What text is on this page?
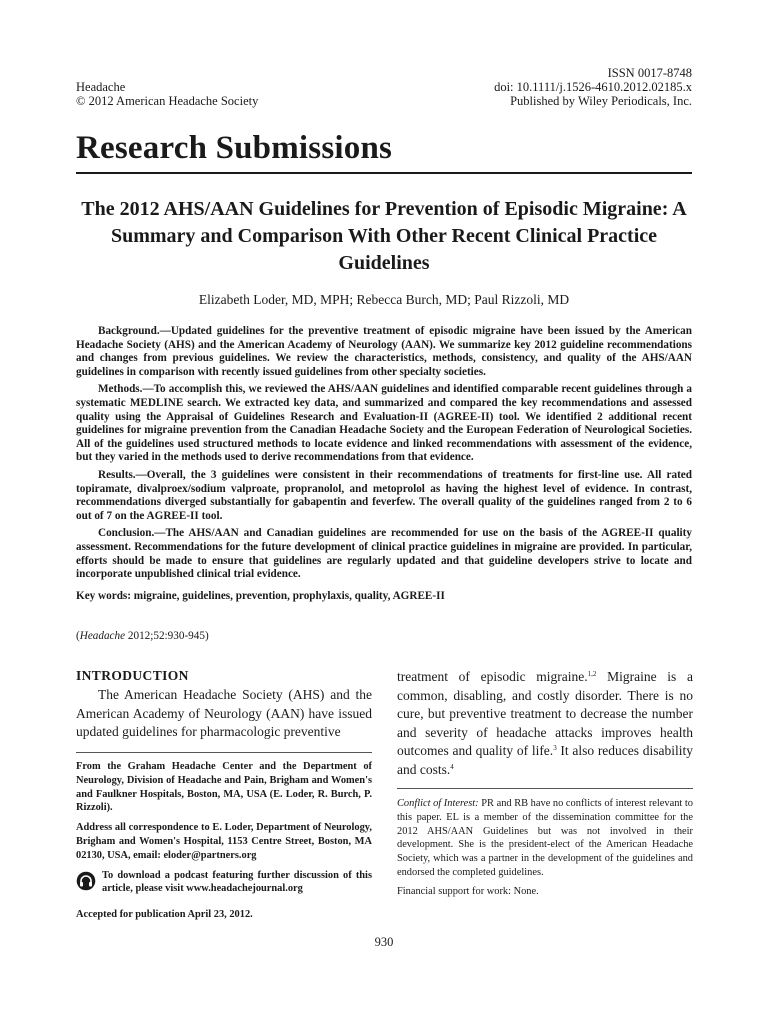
Headache
© 2012 American Headache Society
ISSN 0017-8748
doi: 10.1111/j.1526-4610.2012.02185.x
Published by Wiley Periodicals, Inc.
Research Submissions
The 2012 AHS/AAN Guidelines for Prevention of Episodic Migraine: A Summary and Comparison With Other Recent Clinical Practice Guidelines
Elizabeth Loder, MD, MPH; Rebecca Burch, MD; Paul Rizzoli, MD

Background.—Updated guidelines for the preventive treatment of episodic migraine have been issued by the American Headache Society (AHS) and the American Academy of Neurology (AAN). We summarize key 2012 guideline recommendations and changes from previous guidelines. We review the characteristics, methods, consistency, and quality of the AHS/AAN guidelines in comparison with recently issued guidelines from other specialty societies.

Methods.—To accomplish this, we reviewed the AHS/AAN guidelines and identified comparable recent guidelines through a systematic MEDLINE search. We extracted key data, and summarized and compared the key recommendations and assessed quality using the Appraisal of Guidelines Research and Evaluation-II (AGREE-II) tool. We identified 2 additional recent guidelines for migraine prevention from the Canadian Headache Society and the European Federation of Neurological Societies. All of the guidelines used structured methods to locate evidence and linked recommendations with assessment of the evidence, but they varied in the methods used to derive recommendations from that evidence.

Results.—Overall, the 3 guidelines were consistent in their recommendations of treatments for first-line use. All rated topiramate, divalproex/sodium valproate, propranolol, and metoprolol as having the highest level of evidence. In contrast, recommendations diverged substantially for gabapentin and feverfew. The overall quality of the guidelines ranged from 2 to 6 out of 7 on the AGREE-II tool.

Conclusion.—The AHS/AAN and Canadian guidelines are recommended for use on the basis of the AGREE-II quality assessment. Recommendations for the future development of clinical practice guidelines in migraine are provided. In particular, efforts should be made to ensure that guidelines are regularly updated and that guideline developers strive to locate and incorporate unpublished clinical trial evidence.

Key words: migraine, guidelines, prevention, prophylaxis, quality, AGREE-II

(Headache 2012;52:930-945)
INTRODUCTION

The American Headache Society (AHS) and the American Academy of Neurology (AAN) have issued updated guidelines for pharmacologic preventive

From the Graham Headache Center and the Department of Neurology, Division of Headache and Pain, Brigham and Women's and Faulkner Hospitals, Boston, MA, USA (E. Loder, R. Burch, P. Rizzoli).

Address all correspondence to E. Loder, Department of Neurology, Brigham and Women's Hospital, 1153 Centre Street, Boston, MA 02130, USA, email: eloder@partners.org

To download a podcast featuring further discussion of this article, please visit www.headachejournal.org

Accepted for publication April 23, 2012.

treatment of episodic migraine.$^{1,2}$ Migraine is a common, disabling, and costly disorder. There is no cure, but preventive treatment to decrease the number and severity of headache attacks improves health outcomes and quality of life.$^3$ It also reduces disability and costs.$^4$

Conflict of Interest: PR and RB have no conflicts of interest relevant to this paper. EL is a member of the dissemination committee for the 2012 AHS/AAN Guidelines but was not involved in their development. She is the president-elect of the American Headache Society, which was a partner in the development of the guidelines and endorsed the completed guidelines.

Financial support for work: None.

930
